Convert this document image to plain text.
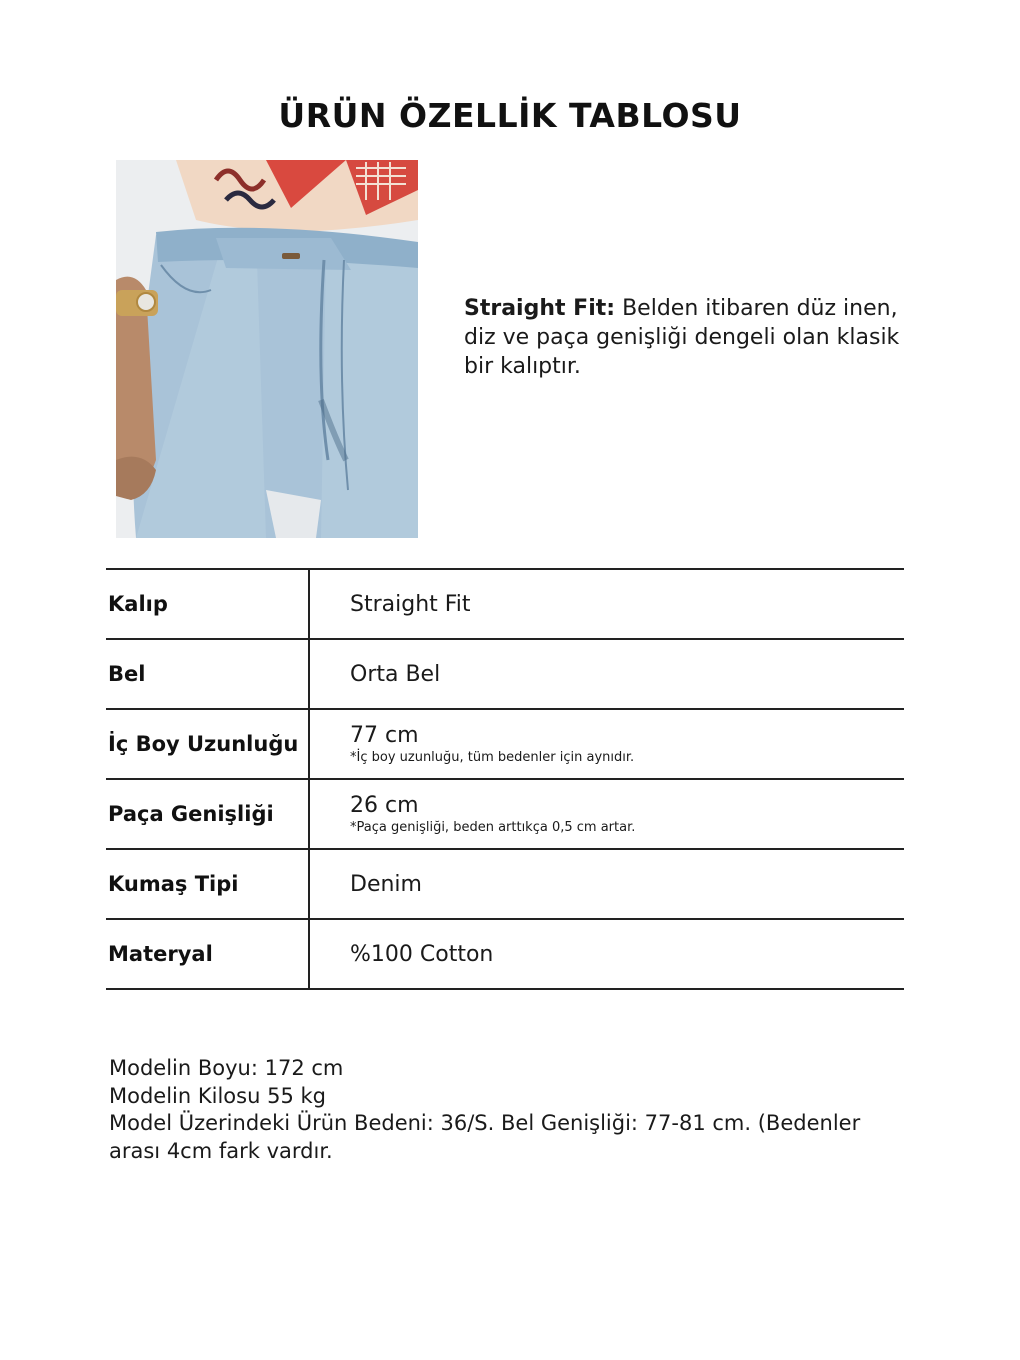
ÜRÜN ÖZELLİK TABLOSU
Straight Fit: Belden itibaren düz inen, diz ve paça genişliği dengeli olan klasik bir kalıptır.
Kalıp	Straight Fit
Bel	Orta Bel
İç Boy Uzunluğu	77 cm
*İç boy uzunluğu, tüm bedenler için aynıdır.

Paça Genişliği	26 cm
*Paça genişliği, beden arttıkça 0,5 cm artar.

Kumaş Tipi	Denim
Materyal	%100 Cotton
Modelin Boyu: 172 cm
Modelin Kilosu 55 kg
Model Üzerindeki Ürün Bedeni: 36/S. Bel Genişliği: 77-81 cm. (Bedenler arası 4cm fark vardır.
